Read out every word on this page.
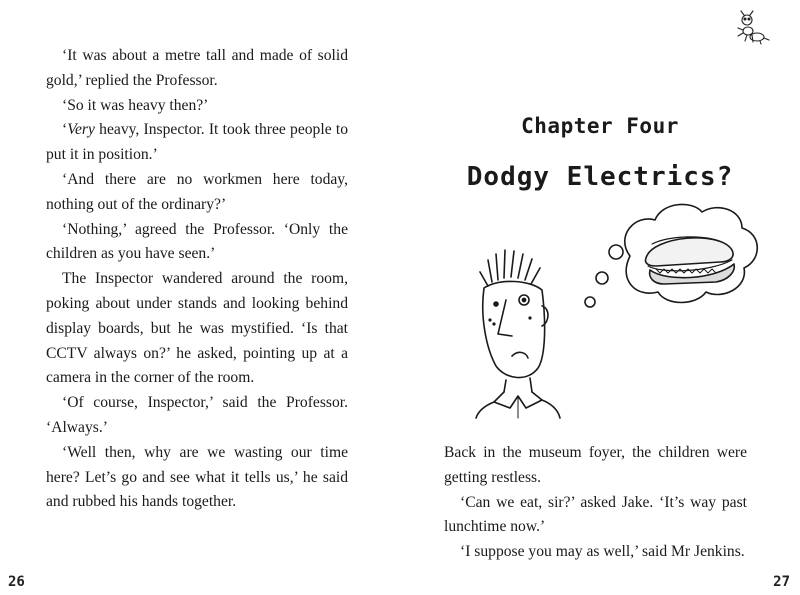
‘It was about a metre tall and made of solid gold,’ replied the Professor.

‘So it was heavy then?’

‘Very heavy, Inspector. It took three people to put it in position.’

‘And there are no workmen here today, nothing out of the ordinary?’

‘Nothing,’ agreed the Professor. ‘Only the children as you have seen.’

The Inspector wandered around the room, poking about under stands and looking behind display boards, but he was mystified. ‘Is that CCTV always on?’ he asked, pointing up at a camera in the corner of the room.

‘Of course, Inspector,’ said the Professor. ‘Always.’

‘Well then, why are we wasting our time here? Let’s go and see what it tells us,’ he said and rubbed his hands together.

26
Chapter Four
Dodgy Electrics?

Back in the museum foyer, the children were getting restless.

‘Can we eat, sir?’ asked Jake. ‘It’s way past lunchtime now.’

‘I suppose you may as well,’ said Mr Jenkins.

27
